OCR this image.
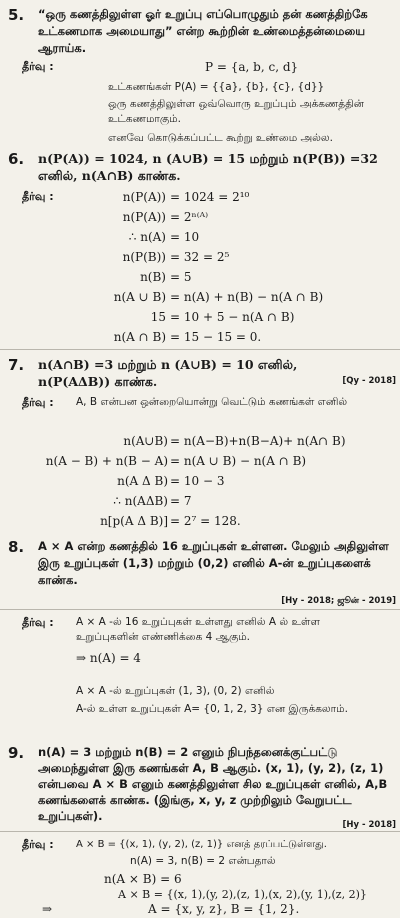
5. “ஒரு கணத்திலுள்ள ஓர் உறுப்பு எப்பொழுதும் தன் கணத்திற்கே உட்கணமாக அமையாது” என்ற கூற்றின் உண்மைத்தன்மையை ஆராய்க.
தீர்வு :	P = {a, b, c, d}
உட்கணங்கள் P(A) = {{a}, {b}, {c}, {d}}
ஒரு கணத்திலுள்ள ஒவ்வொரு உறுப்பும் அக்கணத்தின் உட்கணமாகும்.
எனவே கொடுக்கப்பட்ட கூற்று உண்மை அல்ல.
6. n(P(A)) = 1024, n (A∪B) = 15 மற்றும் n(P(B)) =32 எனில், n(A∩B) காண்க.
தீர்வு :	n(P(A)) = 1024 = 2¹⁰
n(P(A)) = 2ⁿ⁽ᴬ⁾
∴ n(A) = 10
n(P(B)) = 32 = 2⁵
n(B) = 5
n(A ∪ B) = n(A) + n(B) − n(A ∩ B)
15 = 10 + 5 − n(A ∩ B)
n(A ∩ B) = 15 − 15 = 0.
7. n(A∩B) =3 மற்றும் n (A∪B) = 10 எனில், n(P(AΔB)) காண்க.	[Qy - 2018]
தீர்வு : A, B என்பன ஒன்றையொன்று வெட்டும் கணங்கள் எனில்
n(A∪B) = n(A−B)+n(B−A)+ n(A∩ B)
n(A − B) + n(B − A) = n(A ∪ B) − n(A ∩ B)
n(A Δ B) = 10 − 3
∴ n(AΔB) = 7
n[p(A Δ B)] = 2⁷ = 128.
8. A × A என்ற கணத்தில் 16 உறுப்புகள் உள்ளன. மேலும் அதிலுள்ள இரு உறுப்புகள் (1,3) மற்றும் (0,2) எனில் A-ன் உறுப்புகளைக் காண்க.
[Hy - 2018; ஜூன் - 2019]
தீர்வு : A × A -ல் 16 உறுப்புகள் உள்ளது எனில் A ல் உள்ள உறுப்புகளின் எண்ணிக்கை 4 ஆகும்.
⇒ n(A) = 4
A × A -ல் உறுப்புகள் (1, 3), (0, 2) எனில்
A-ல் உள்ள உறுப்புகள் A= {0, 1, 2, 3} என இருக்கலாம்.
9. n(A) = 3 மற்றும் n(B) = 2 எனும் நிபந்தனைக்குட்பட்டு அமைந்துள்ள இரு கணங்கள் A, B ஆகும். (x, 1), (y, 2), (z, 1) என்பவை A × B எனும் கணத்திலுள்ள சில உறுப்புகள் எனில், A,B கணங்களைக் காண்க. (இங்கு, x, y, z முற்றிலும் வேறுபட்ட உறுப்புகள்).
[Hy - 2018]
தீர்வு : A × B = {(x, 1), (y, 2), (z, 1)} எனத் தரப்பட்டுள்ளது.
n(A) = 3, n(B) = 2 என்பதால்
n(A × B) = 6
A × B = {(x, 1),(y, 2),(z, 1),(x, 2),(y, 1),(z, 2)}
⇒	A = {x, y, z}, B = {1, 2}.
